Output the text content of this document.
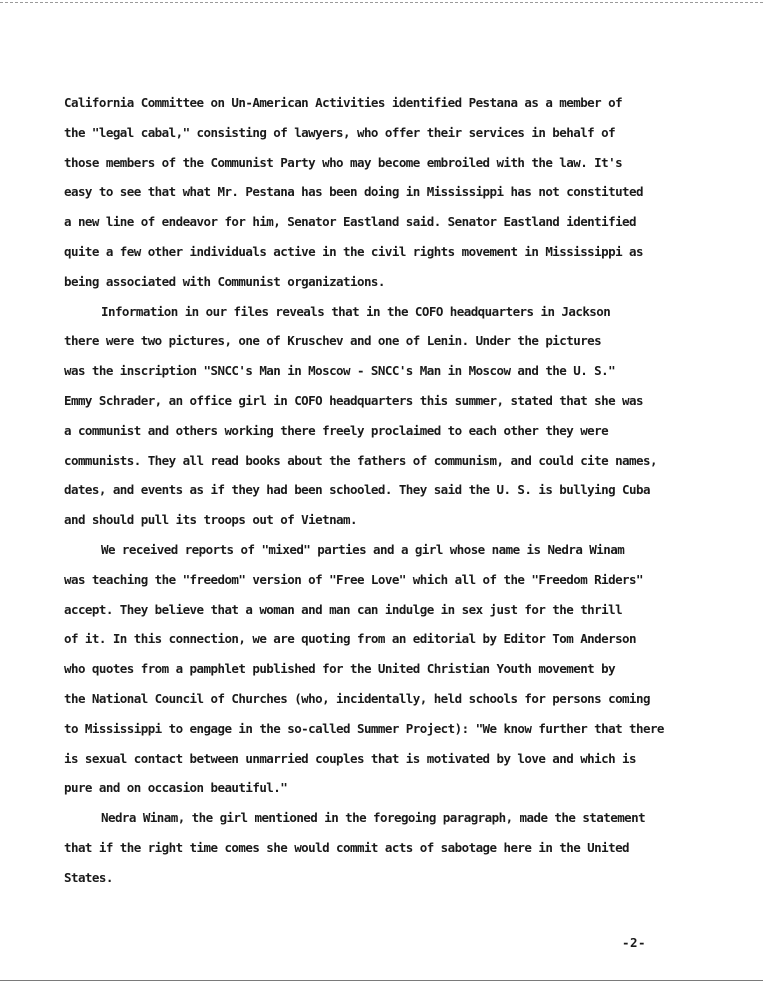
California Committee on Un-American Activities identified Pestana as a member of
the "legal cabal," consisting of lawyers, who offer their services in behalf of
those members of the Communist Party who may become embroiled with the law. It's
easy to see that what Mr. Pestana has been doing in Mississippi has not constituted
a new line of endeavor for him, Senator Eastland said. Senator Eastland identified
quite a few other individuals active in the civil rights movement in Mississippi as
being associated with Communist organizations.

Information in our files reveals that in the COFO headquarters in Jackson
there were two pictures, one of Kruschev and one of Lenin. Under the pictures
was the inscription "SNCC's Man in Moscow - SNCC's Man in Moscow and the U. S."
Emmy Schrader, an office girl in COFO headquarters this summer, stated that she was
a communist and others working there freely proclaimed to each other they were
communists. They all read books about the fathers of communism, and could cite names,
dates, and events as if they had been schooled. They said the U. S. is bullying Cuba
and should pull its troops out of Vietnam.

We received reports of "mixed" parties and a girl whose name is Nedra Winam
was teaching the "freedom" version of "Free Love" which all of the "Freedom Riders"
accept. They believe that a woman and man can indulge in sex just for the thrill
of it. In this connection, we are quoting from an editorial by Editor Tom Anderson
who quotes from a pamphlet published for the United Christian Youth movement by
the National Council of Churches (who, incidentally, held schools for persons coming
to Mississippi to engage in the so-called Summer Project): "We know further that there
is sexual contact between unmarried couples that is motivated by love and which is
pure and on occasion beautiful."

Nedra Winam, the girl mentioned in the foregoing paragraph, made the statement
that if the right time comes she would commit acts of sabotage here in the United
States.

-2-
